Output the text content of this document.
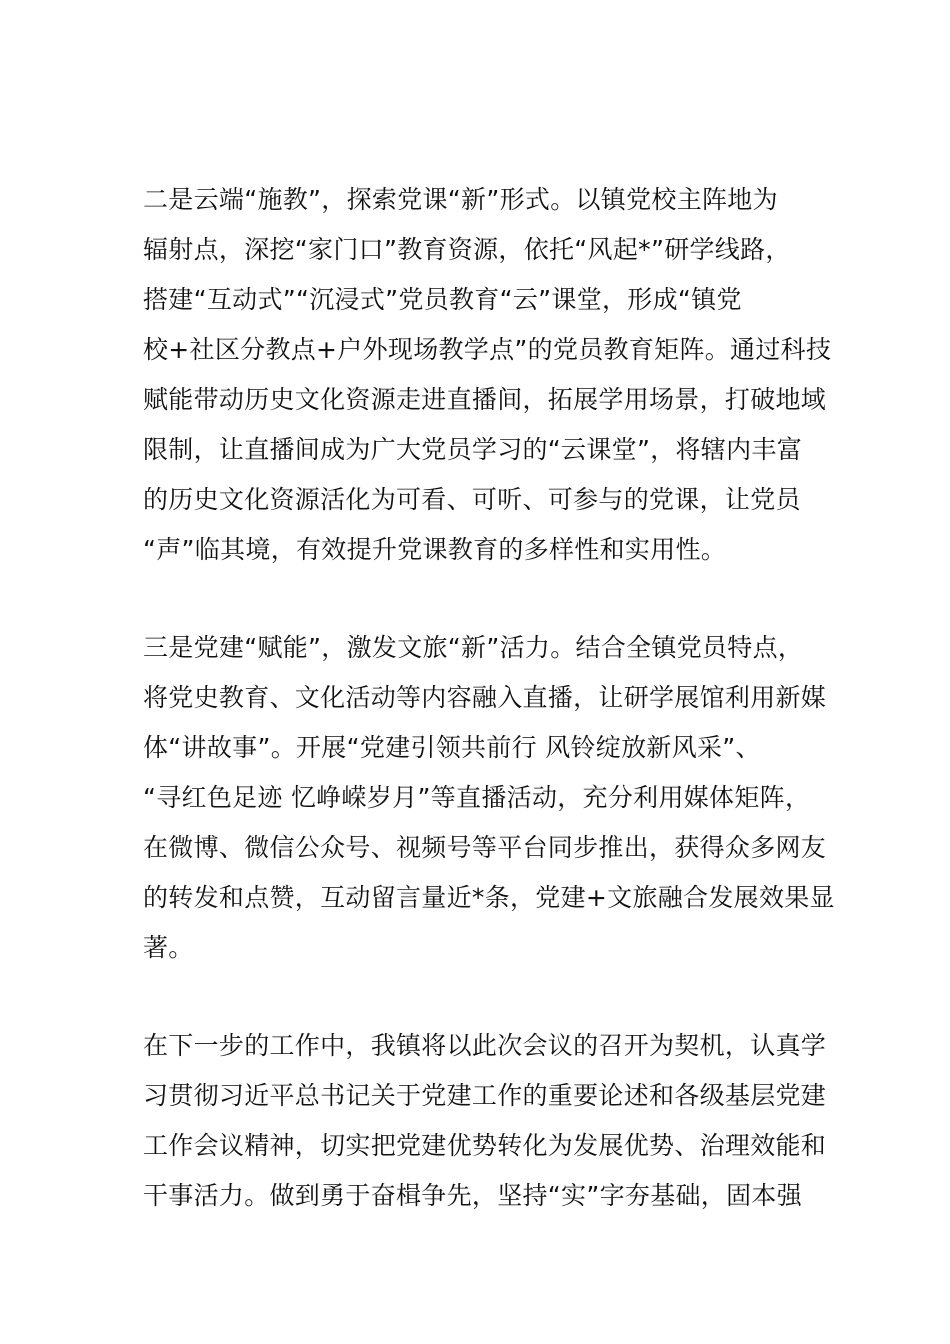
二是云端“施教”，探索党课“新”形式。以镇党校主阵地为
辐射点，深挖“家门口”教育资源，依托“风起*”研学线路，
搭建“互动式”“沉浸式”党员教育“云”课堂，形成“镇党
校+社区分教点+户外现场教学点”的党员教育矩阵。通过科技
赋能带动历史文化资源走进直播间，拓展学用场景，打破地域
限制，让直播间成为广大党员学习的“云课堂”，将辖内丰富
的历史文化资源活化为可看、可听、可参与的党课，让党员
“声”临其境，有效提升党课教育的多样性和实用性。
三是党建“赋能”，激发文旅“新”活力。结合全镇党员特点，
将党史教育、文化活动等内容融入直播，让研学展馆利用新媒
体“讲故事”。开展“党建引领共前行 风铃绽放新风采”、
“寻红色足迹 忆峥嵘岁月”等直播活动，充分利用媒体矩阵，
在微博、微信公众号、视频号等平台同步推出，获得众多网友
的转发和点赞，互动留言量近*条，党建+文旅融合发展效果显
著。
在下一步的工作中，我镇将以此次会议的召开为契机，认真学
习贯彻习近平总书记关于党建工作的重要论述和各级基层党建
工作会议精神，切实把党建优势转化为发展优势、治理效能和
干事活力。做到勇于奋楫争先，坚持“实”字夯基础，固本强
